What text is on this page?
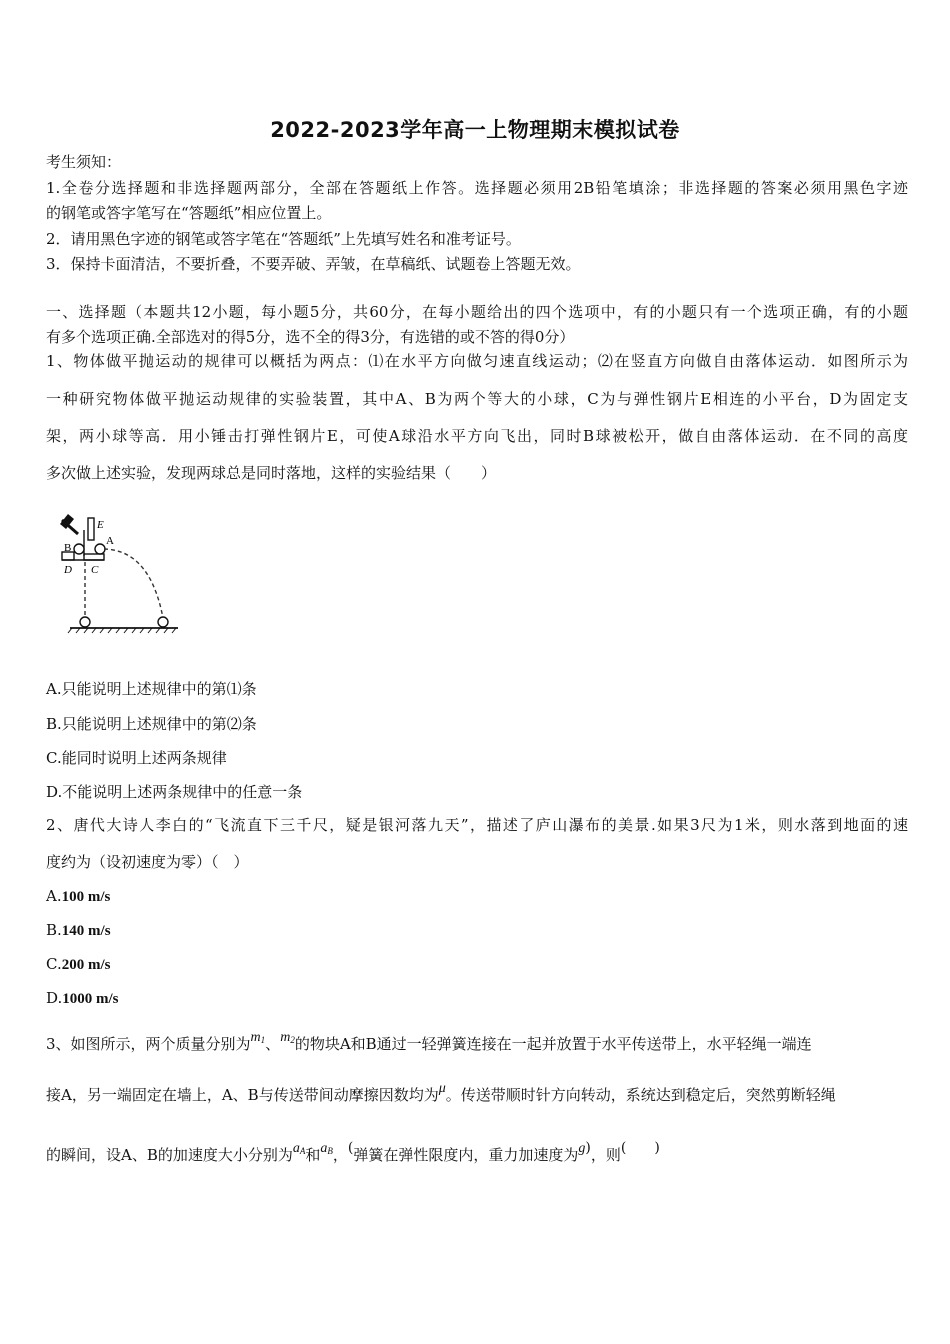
2022-2023学年高一上物理期末模拟试卷
考生须知：
1.全卷分选择题和非选择题两部分，全部在答题纸上作答。选择题必须用2B铅笔填涂；非选择题的答案必须用黑色字迹
的钢笔或答字笔写在“答题纸”相应位置上。
2．请用黑色字迹的钢笔或答字笔在“答题纸”上先填写姓名和准考证号。
3．保持卡面清洁，不要折叠，不要弄破、弄皱，在草稿纸、试题卷上答题无效。
一、选择题（本题共12小题，每小题5分，共60分，在每小题给出的四个选项中，有的小题只有一个选项正确，有的小题
有多个选项正确.全部选对的得5分，选不全的得3分，有选错的或不答的得0分）
1、物体做平抛运动的规律可以概括为两点：⑴在水平方向做匀速直线运动；⑵在竖直方向做自由落体运动．如图所示为
一种研究物体做平抛运动规律的实验装置，其中A、B为两个等大的小球，C为与弹性钢片E相连的小平台，D为固定支
架，两小球等高．用小锤击打弹性钢片E，可使A球沿水平方向飞出，同时B球被松开，做自由落体运动．在不同的高度
多次做上述实验，发现两球总是同时落地，这样的实验结果（　　）
E
A
B
C
D
A.只能说明上述规律中的第⑴条
B.只能说明上述规律中的第⑵条
C.能同时说明上述两条规律
D.不能说明上述两条规律中的任意一条
2、唐代大诗人李白的“飞流直下三千尺，疑是银河落九天”，描述了庐山瀑布的美景.如果3尺为1米，则水落到地面的速
度约为（设初速度为零）（　）
A.100 m/s
B.140 m/s
C.200 m/s
D.1000 m/s
3、如图所示，两个质量分别为m1、m2的物块A和B通过一轻弹簧连接在一起并放置于水平传送带上，水平轻绳一端连
接A，另一端固定在墙上，A、B与传送带间动摩擦因数均为μ。传送带顺时针方向转动，系统达到稳定后，突然剪断轻绳
的瞬间，设A、B的加速度大小分别为aA和aB，(弹簧在弹性限度内，重力加速度为g)，则(　　)
